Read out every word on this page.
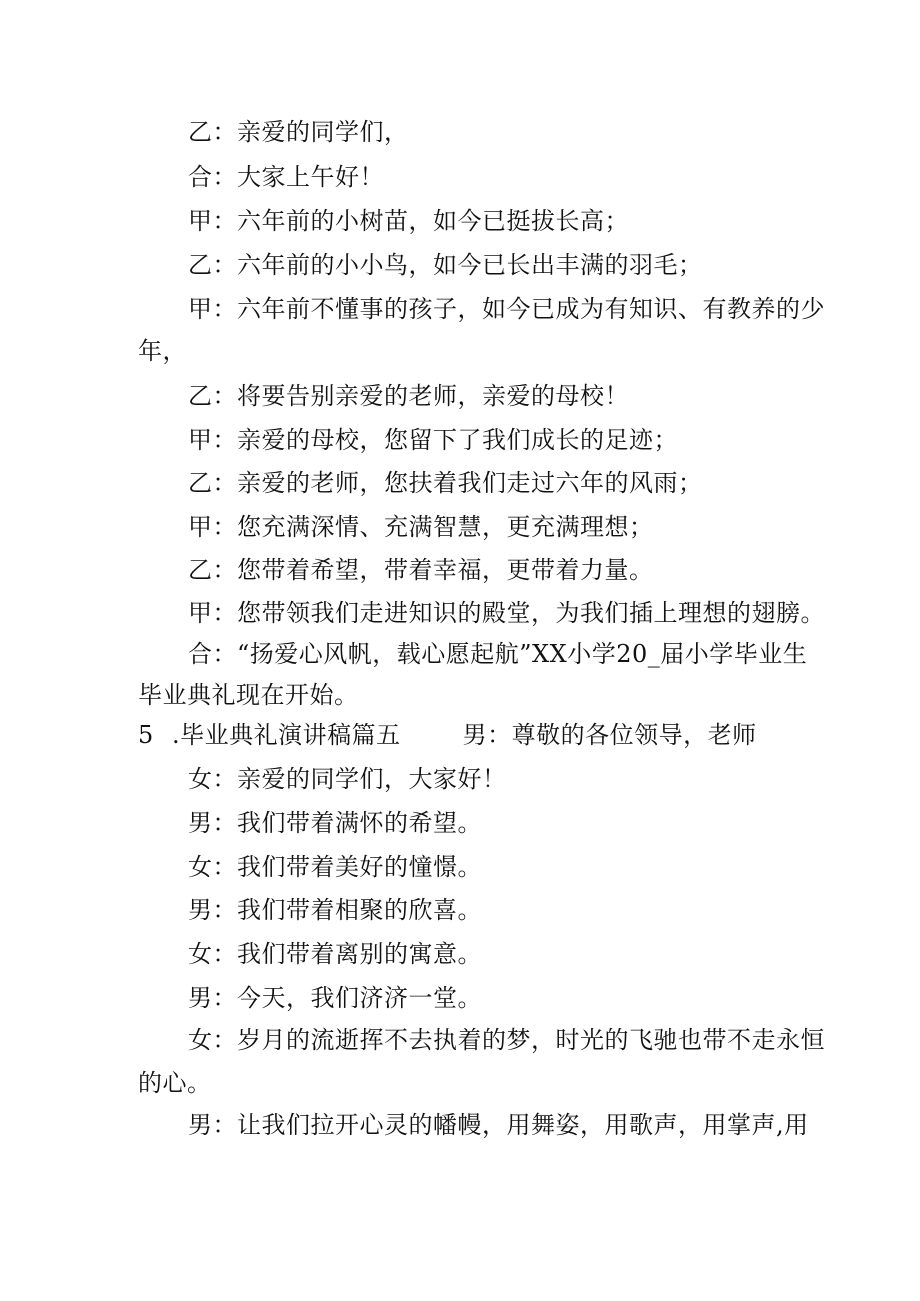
乙：亲爱的同学们，
合：大家上午好！
甲：六年前的小树苗，如今已挺拔长高；
乙：六年前的小小鸟，如今已长出丰满的羽毛；
甲：六年前不懂事的孩子，如今已成为有知识、有教养的少
年，
乙：将要告别亲爱的老师，亲爱的母校！
甲：亲爱的母校，您留下了我们成长的足迹；
乙：亲爱的老师，您扶着我们走过六年的风雨；
甲：您充满深情、充满智慧，更充满理想；
乙：您带着希望，带着幸福，更带着力量。
甲：您带领我们走进知识的殿堂，为我们插上理想的翅膀。
合：“扬爱心风帆，载心愿起航”XX小学20_届小学毕业生
毕业典礼现在开始。
5 .毕业典礼演讲稿篇五	男：尊敬的各位领导，老师
女：亲爱的同学们，大家好！
男：我们带着满怀的希望。
女：我们带着美好的憧憬。
男：我们带着相聚的欣喜。
女：我们带着离别的寓意。
男：今天，我们济济一堂。
女：岁月的流逝挥不去执着的梦，时光的飞驰也带不走永恒
的心。
男：让我们拉开心灵的幡幔，用舞姿，用歌声，用掌声,用
